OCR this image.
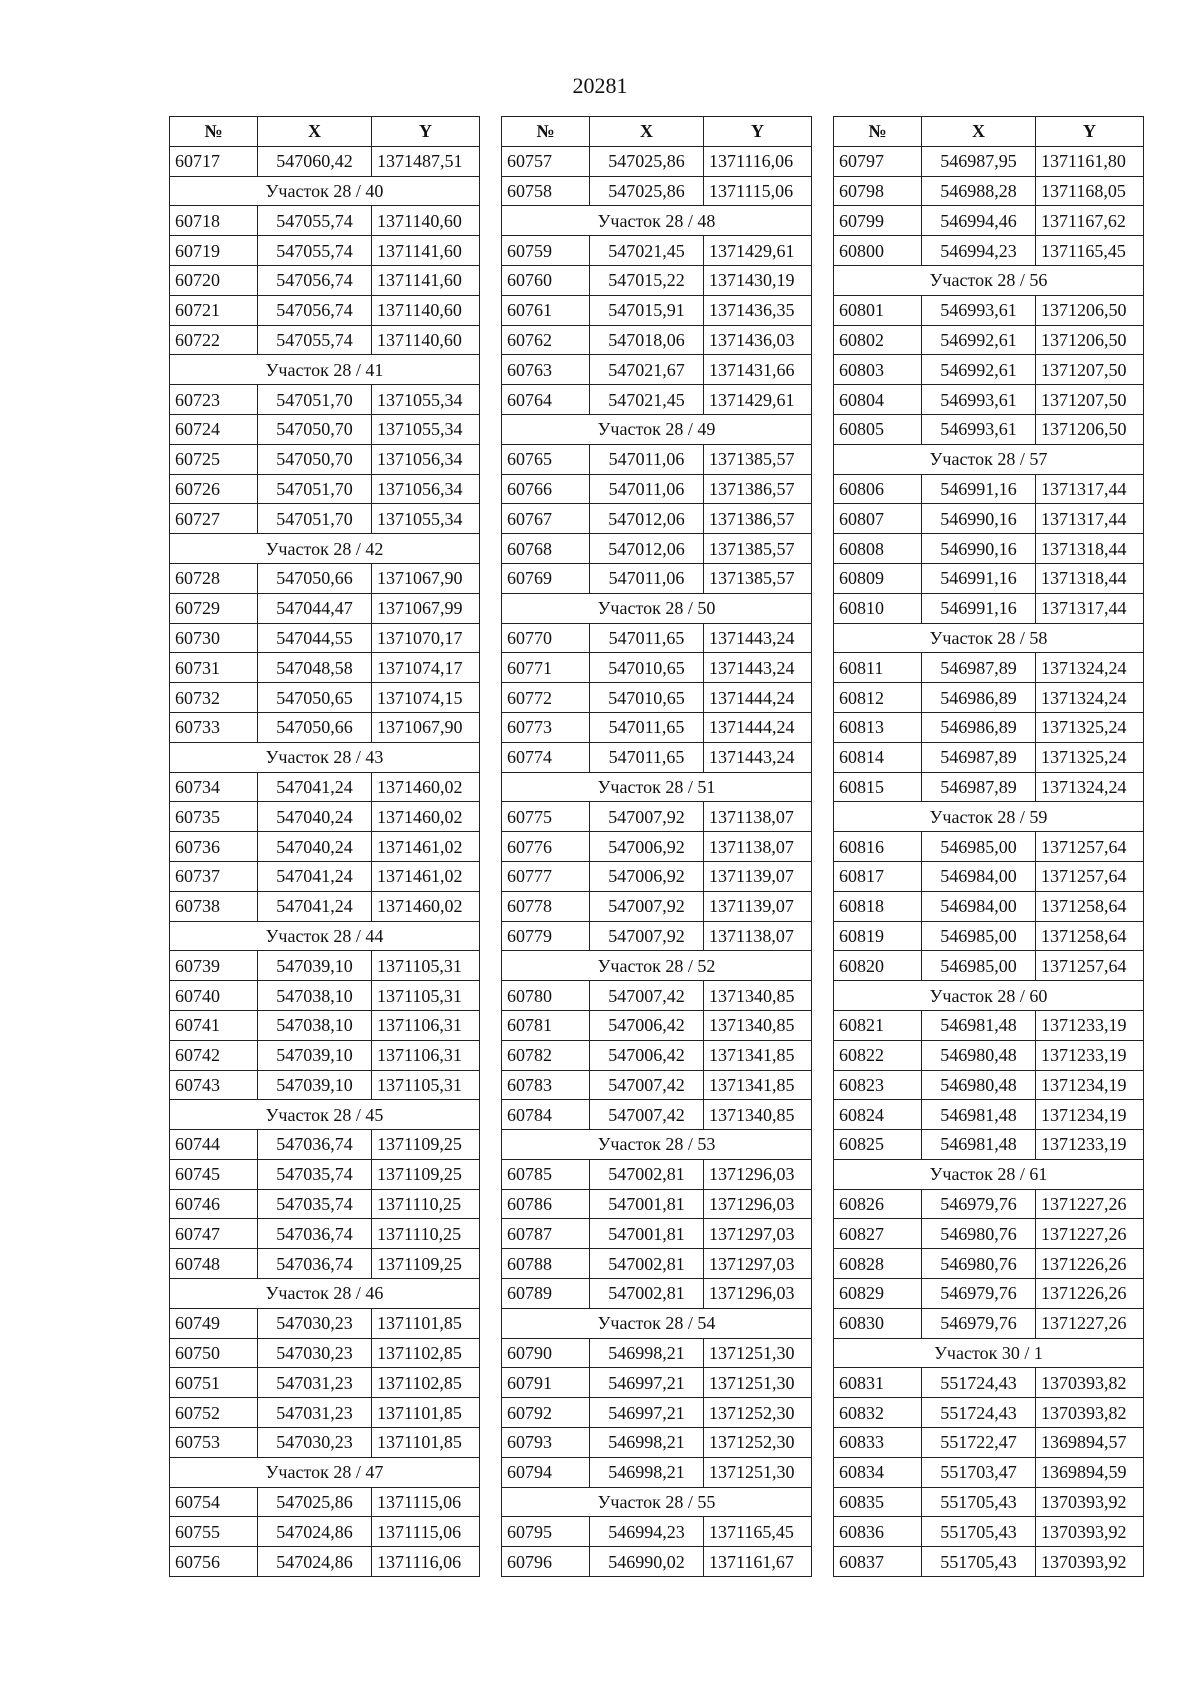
20281
№	X	Y
60717	547060,42	1371487,51
Участок 28 / 40		
60718	547055,74	1371140,60
60719	547055,74	1371141,60
60720	547056,74	1371141,60
60721	547056,74	1371140,60
60722	547055,74	1371140,60
Участок 28 / 41		
60723	547051,70	1371055,34
60724	547050,70	1371055,34
60725	547050,70	1371056,34
60726	547051,70	1371056,34
60727	547051,70	1371055,34
Участок 28 / 42		
60728	547050,66	1371067,90
60729	547044,47	1371067,99
60730	547044,55	1371070,17
60731	547048,58	1371074,17
60732	547050,65	1371074,15
60733	547050,66	1371067,90
Участок 28 / 43		
60734	547041,24	1371460,02
60735	547040,24	1371460,02
60736	547040,24	1371461,02
60737	547041,24	1371461,02
60738	547041,24	1371460,02
Участок 28 / 44		
60739	547039,10	1371105,31
60740	547038,10	1371105,31
60741	547038,10	1371106,31
60742	547039,10	1371106,31
60743	547039,10	1371105,31
Участок 28 / 45		
60744	547036,74	1371109,25
60745	547035,74	1371109,25
60746	547035,74	1371110,25
60747	547036,74	1371110,25
60748	547036,74	1371109,25
Участок 28 / 46		
60749	547030,23	1371101,85
60750	547030,23	1371102,85
60751	547031,23	1371102,85
60752	547031,23	1371101,85
60753	547030,23	1371101,85
Участок 28 / 47		
60754	547025,86	1371115,06
60755	547024,86	1371115,06
60756	547024,86	1371116,06
№	X	Y
60757	547025,86	1371116,06
60758	547025,86	1371115,06
Участок 28 / 48		
60759	547021,45	1371429,61
60760	547015,22	1371430,19
60761	547015,91	1371436,35
60762	547018,06	1371436,03
60763	547021,67	1371431,66
60764	547021,45	1371429,61
Участок 28 / 49		
60765	547011,06	1371385,57
60766	547011,06	1371386,57
60767	547012,06	1371386,57
60768	547012,06	1371385,57
60769	547011,06	1371385,57
Участок 28 / 50		
60770	547011,65	1371443,24
60771	547010,65	1371443,24
60772	547010,65	1371444,24
60773	547011,65	1371444,24
60774	547011,65	1371443,24
Участок 28 / 51		
60775	547007,92	1371138,07
60776	547006,92	1371138,07
60777	547006,92	1371139,07
60778	547007,92	1371139,07
60779	547007,92	1371138,07
Участок 28 / 52		
60780	547007,42	1371340,85
60781	547006,42	1371340,85
60782	547006,42	1371341,85
60783	547007,42	1371341,85
60784	547007,42	1371340,85
Участок 28 / 53		
60785	547002,81	1371296,03
60786	547001,81	1371296,03
60787	547001,81	1371297,03
60788	547002,81	1371297,03
60789	547002,81	1371296,03
Участок 28 / 54		
60790	546998,21	1371251,30
60791	546997,21	1371251,30
60792	546997,21	1371252,30
60793	546998,21	1371252,30
60794	546998,21	1371251,30
Участок 28 / 55		
60795	546994,23	1371165,45
60796	546990,02	1371161,67
№	X	Y
60797	546987,95	1371161,80
60798	546988,28	1371168,05
60799	546994,46	1371167,62
60800	546994,23	1371165,45
Участок 28 / 56		
60801	546993,61	1371206,50
60802	546992,61	1371206,50
60803	546992,61	1371207,50
60804	546993,61	1371207,50
60805	546993,61	1371206,50
Участок 28 / 57		
60806	546991,16	1371317,44
60807	546990,16	1371317,44
60808	546990,16	1371318,44
60809	546991,16	1371318,44
60810	546991,16	1371317,44
Участок 28 / 58		
60811	546987,89	1371324,24
60812	546986,89	1371324,24
60813	546986,89	1371325,24
60814	546987,89	1371325,24
60815	546987,89	1371324,24
Участок 28 / 59		
60816	546985,00	1371257,64
60817	546984,00	1371257,64
60818	546984,00	1371258,64
60819	546985,00	1371258,64
60820	546985,00	1371257,64
Участок 28 / 60		
60821	546981,48	1371233,19
60822	546980,48	1371233,19
60823	546980,48	1371234,19
60824	546981,48	1371234,19
60825	546981,48	1371233,19
Участок 28 / 61		
60826	546979,76	1371227,26
60827	546980,76	1371227,26
60828	546980,76	1371226,26
60829	546979,76	1371226,26
60830	546979,76	1371227,26
Участок 30 / 1		
60831	551724,43	1370393,82
60832	551724,43	1370393,82
60833	551722,47	1369894,57
60834	551703,47	1369894,59
60835	551705,43	1370393,92
60836	551705,43	1370393,92
60837	551705,43	1370393,92
